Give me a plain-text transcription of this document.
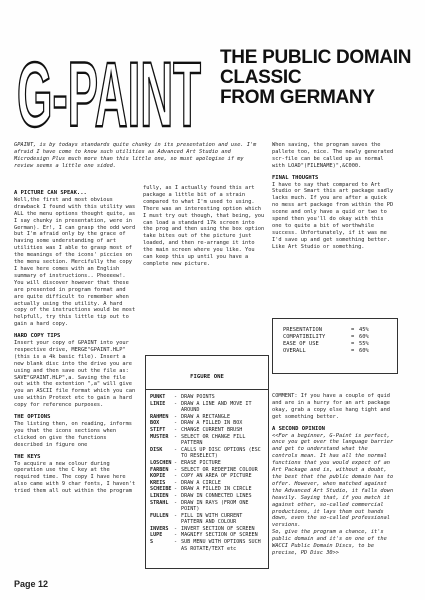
G-PAINT THE PUBLIC DOMAIN
CLASSIC
FROM GERMANY
GPAINT, is by todays standards quite chunky in its presentation and use. I'm afraid I have come to know such utilities as Advanced Art Studio and Microdesign Plus much more than this little one, so must apologise if my review seems a little one sided.
A PICTURE CAN SPEAK...

Well,the first and most obvious drawback I found with this utility was ALL the menu options thought quite, as I say chunky in presentation, were in German). Er!, I can grasp the odd word but I'm afraid only by the grace of having some understanding of art utilities was I able to grasp most of the meanings of the icons' piccies on the menu section. Mercifully the copy I have here comes with an English summary of instructions.. Pheeeew!.

You will discover however that these are presented in program format and are quite difficult to remember when actually using the utility. A hard copy of the instructions would be most helpfull, try this little tip out to gain a hard copy.

HARD COPY TIPS

Insert your copy of GPAINT into your respective drive, MERGE"GPAINT.HLP" (this is a 4k basic file). Insert a new blank disc into the drive you are using and then save out the file as: SAVE"GPAINT.HLP",a. Saving the file out with the extention ",a" will give you an ASCII file format which you can use within Protext etc to gain a hard copy for reference purposes.

THE OPTIONS

The listing then, on reading, informs you that the icons sections when clicked on give the functions described in figure one

THE KEYS

To acquire a new colour during operation use the C key at the required time. The copy I have here also came with 9 char fonts, I haven't tried them all out within the program

fully, as I actually found this art package a little bit of a strain compared to what I'm used to using. There was an interesting option which I must try out though, that being, you can load a standard 17k screen into the prog and then using the box option take bites out of the picture just loaded, and then re-arrange it into the main screen where you like. You can keep this up until you have a complete new picture.

FIGURE ONE
PUNKT	- DRAW POINTS
LINIE	- DRAW A LINE AND MOVE IT AROUND
RAHMEN	- DRAW A RECTANGLE
BOX	- DRAW A FILLED IN BOX
STIFT	- CHANGE CURRENT BRUSH
MUSTER	- SELECT OR CHANGE FILL PATTERN
DISK	- CALLS UP DISC OPTIONS (ESC TO RESELECT)
LOSCHEN - ERASE PICTURE
FARBEN	- SELECT OR REDEFINE COLOUR
KOPIE	- COPY AN AREA OF PICTURE
KREIS	- DRAW A CIRCLE
SCHEIBE - DRAW A FILLED IN CIRCLE
LINIEN	- DRAW IN CONNECTED LINES
STRAHL	- DRAW IN RAYS (FROM ONE POINT)
FULLEN	- FILL IN WITH CURRENT PATTERN AND COLOUR
INVERS	- INVERT SECTION OF SCREEN
LUPE	- MAGNIFY SECTION OF SCREEN
S	- SUB MENU WITH OPTIONS SUCH AS ROTATE/TEXT etc

When saving, the program saves the pallete too, nice. The newly generated scr-file can be called up as normal with LOAD"(FILENAME)",&C000.

FINAL THOUGHTS

I have to say that compared to Art Studio or Smart this art package sadly lacks much. If you are after a quick no mess art package from within the PD scene and only have a quid or two to spend then you'll do okay with this one to quite a bit of worthwhile success. Unfortunately, if it was me I'd save up and get something better. Like Art Studio or something.

PRESENTATION	= 45%
COMPATIBILITY	= 60%
EASE OF USE	= 55%
OVERALL	= 60%

COMMENT: If you have a couple of quid and are in a hurry for an art package okay, grab a copy else hang tight and get something better.

A SECOND OPINION

<<For a beginner, G-Paint is perfect, once you get over the language barrier and get to understand what the controls mean. It has all the normal functions that you would expect of an Art Package and is, without a doubt, the best that the public domain has to offer. However, when matched against the Advanced Art Studio, it falls down heavily. Saying that, if you match it against other, so-called commercial productions, it lays them out hands down, even the so-called professional versions.

So, give the program a chance, it's public domain and it's on one of the WACCI Public Domain Discs, to be precise, PD Disc 30>>

Page 12
